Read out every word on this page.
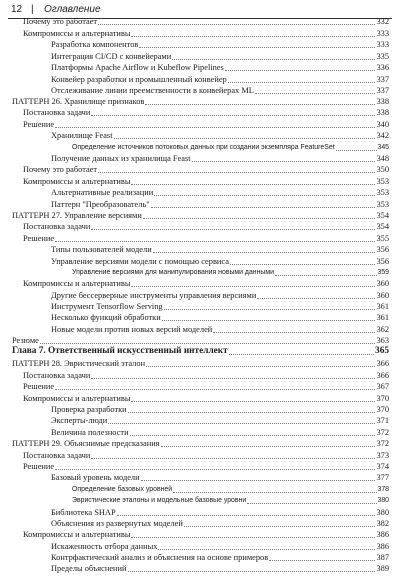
12 | Оглавление
Почему это работает	332
Компромиссы и альтернативы	333
Разработка компонентов	333
Интеграция CI/CD с конвейерами	335
Платформы Apache Airflow и Kubeflow Pipelines	336
Конвейер разработки и промышленный конвейер	337
Отслеживание линии преемственности в конвейерах ML	337
ПАТТЕРН 26. Хранилище признаков	338
Постановка задачи	338
Решение	340
Хранилище Feast	342
Определение источников потоковых данных при создании экземпляра FeatureSet	345
Получение данных из хранилища Feast	348
Почему это работает	350
Компромиссы и альтернативы	353
Альтернативные реализации	353
Паттерн "Преобразователь"	353
ПАТТЕРН 27. Управление версиями	354
Постановка задачи	354
Решение	355
Типы пользователей модели	356
Управление версиями модели с помощью сервиса	356
Управление версиями для манипулирования новыми данными	359
Компромиссы и альтернативы	360
Другие бессерверные инструменты управления версиями	360
Инструмент Tensorflow Serving	361
Несколько функций обработки	361
Новые модели против новых версий моделей	362
Резюме	363
Глава 7. Ответственный искусственный интеллект	365
ПАТТЕРН 28. Эвристический эталон	366
Постановка задачи	366
Решение	367
Компромиссы и альтернативы	370
Проверка разработки	370
Эксперты-люди	371
Величина полезности	372
ПАТТЕРН 29. Объяснимые предсказания	372
Постановка задачи	373
Решение	374
Базовый уровень модели	377
Определение базовых уровней	378
Эвристические эталоны и модельные базовые уровни	380
Библиотека SHAP	380
Объяснения из развернутых моделей	382
Компромиссы и альтернативы	386
Искаженность отбора данных	386
Контрфактический анализ и объяснения на основе примеров	387
Пределы объяснений	389
